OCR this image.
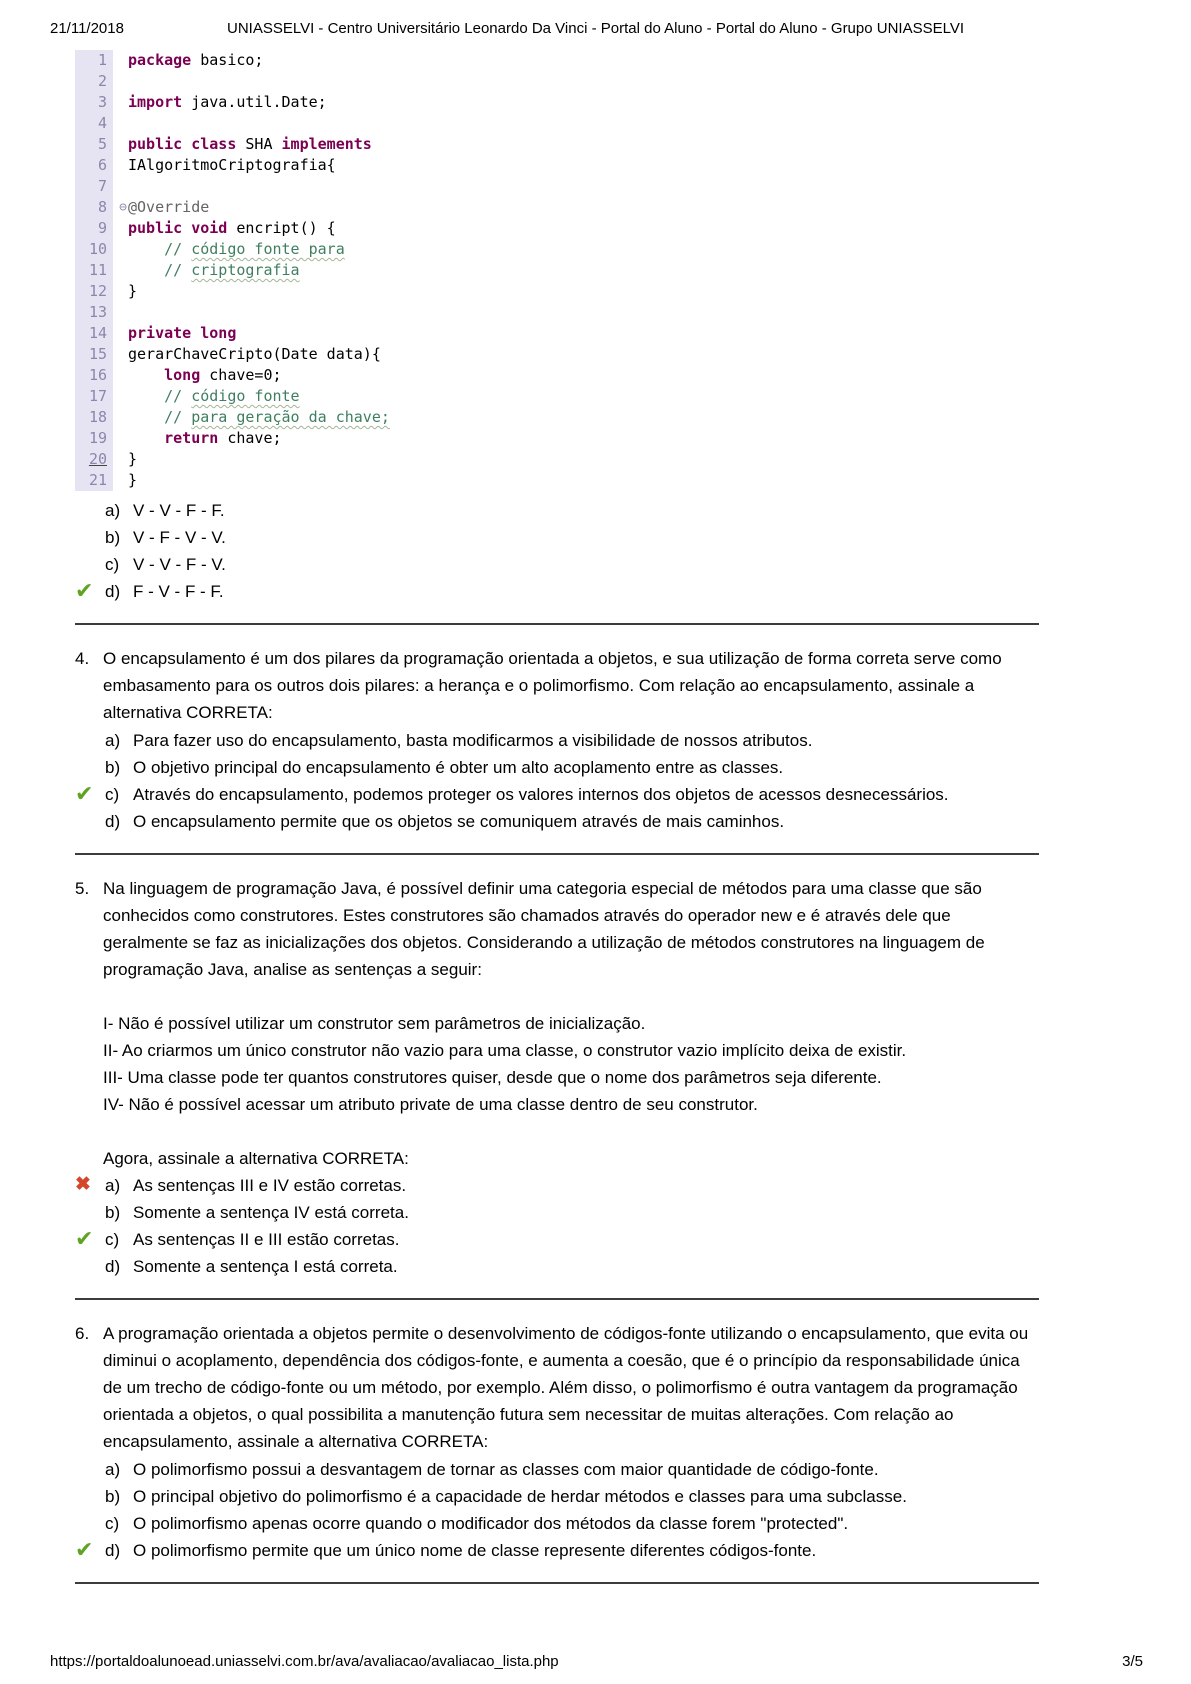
21/11/2018	UNIASSELVI - Centro Universitário Leonardo Da Vinci - Portal do Aluno - Portal do Aluno - Grupo UNIASSELVI
1	package basico;
2
3	import java.util.Date;
4
5	public class SHA implements
6	IAlgoritmoCriptografia{
7
8 ⊖ @Override
9	public void encript() {
10	// código fonte para
11	// criptografia
12	}
13
14	private long
15	gerarChaveCripto(Date data){
16	long chave=0;
17	// código fonte
18	// para geração da chave;
19	return chave;
20	}
21	}
a) V - V - F - F.
b) V - F - V - V.
c) V - V - F - V.
✔ d) F - V - F - F.
4. O encapsulamento é um dos pilares da programação orientada a objetos, e sua utilização de forma correta serve como embasamento para os outros dois pilares: a herança e o polimorfismo. Com relação ao encapsulamento, assinale a alternativa CORRETA:
a) Para fazer uso do encapsulamento, basta modificarmos a visibilidade de nossos atributos.
b) O objetivo principal do encapsulamento é obter um alto acoplamento entre as classes.
✔ c) Através do encapsulamento, podemos proteger os valores internos dos objetos de acessos desnecessários.
d) O encapsulamento permite que os objetos se comuniquem através de mais caminhos.
5. Na linguagem de programação Java, é possível definir uma categoria especial de métodos para uma classe que são conhecidos como construtores. Estes construtores são chamados através do operador new e é através dele que geralmente se faz as inicializações dos objetos. Considerando a utilização de métodos construtores na linguagem de programação Java, analise as sentenças a seguir:
I- Não é possível utilizar um construtor sem parâmetros de inicialização.
II- Ao criarmos um único construtor não vazio para uma classe, o construtor vazio implícito deixa de existir.
III- Uma classe pode ter quantos construtores quiser, desde que o nome dos parâmetros seja diferente.
IV- Não é possível acessar um atributo private de uma classe dentro de seu construtor.
Agora, assinale a alternativa CORRETA:
✖ a) As sentenças III e IV estão corretas.
b) Somente a sentença IV está correta.
✔ c) As sentenças II e III estão corretas.
d) Somente a sentença I está correta.
6. A programação orientada a objetos permite o desenvolvimento de códigos-fonte utilizando o encapsulamento, que evita ou diminui o acoplamento, dependência dos códigos-fonte, e aumenta a coesão, que é o princípio da responsabilidade única de um trecho de código-fonte ou um método, por exemplo. Além disso, o polimorfismo é outra vantagem da programação orientada a objetos, o qual possibilita a manutenção futura sem necessitar de muitas alterações. Com relação ao encapsulamento, assinale a alternativa CORRETA:
a) O polimorfismo possui a desvantagem de tornar as classes com maior quantidade de código-fonte.
b) O principal objetivo do polimorfismo é a capacidade de herdar métodos e classes para uma subclasse.
c) O polimorfismo apenas ocorre quando o modificador dos métodos da classe forem "protected".
✔ d) O polimorfismo permite que um único nome de classe represente diferentes códigos-fonte.
https://portaldoalunoead.uniasselvi.com.br/ava/avaliacao/avaliacao_lista.php	3/5
